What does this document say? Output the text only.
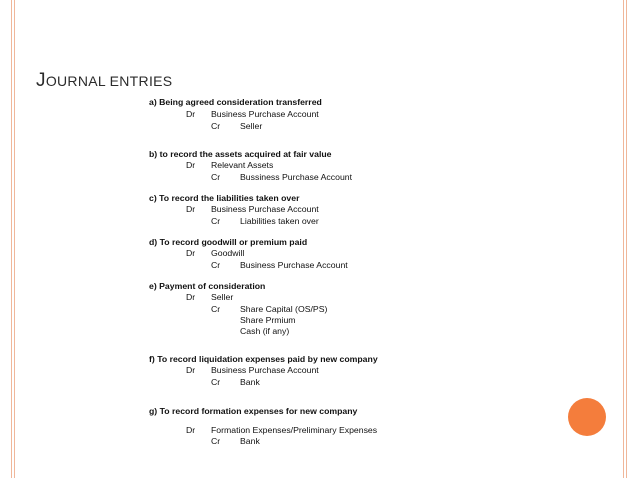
JOURNAL ENTRIES
a) Being agreed consideration transferred
Dr Business Purchase Account
Cr Seller
b) to record the assets acquired at fair value
Dr Relevant Assets
Cr Bussiness Purchase Account
c) To record the liabilities taken over
Dr Business Purchase Account
Cr Liabilities taken over
d) To record goodwill or premium paid
Dr Goodwill
Cr Business Purchase Account
e) Payment of consideration
Dr Seller
Cr Share Capital (OS/PS)
Share Prmium
Cash (if any)
f) To record liquidation expenses paid by new company
Dr Business Purchase Account
Cr Bank
g) To record formation expenses for new company
Dr Formation Expenses/Preliminary Expenses
Cr Bank
